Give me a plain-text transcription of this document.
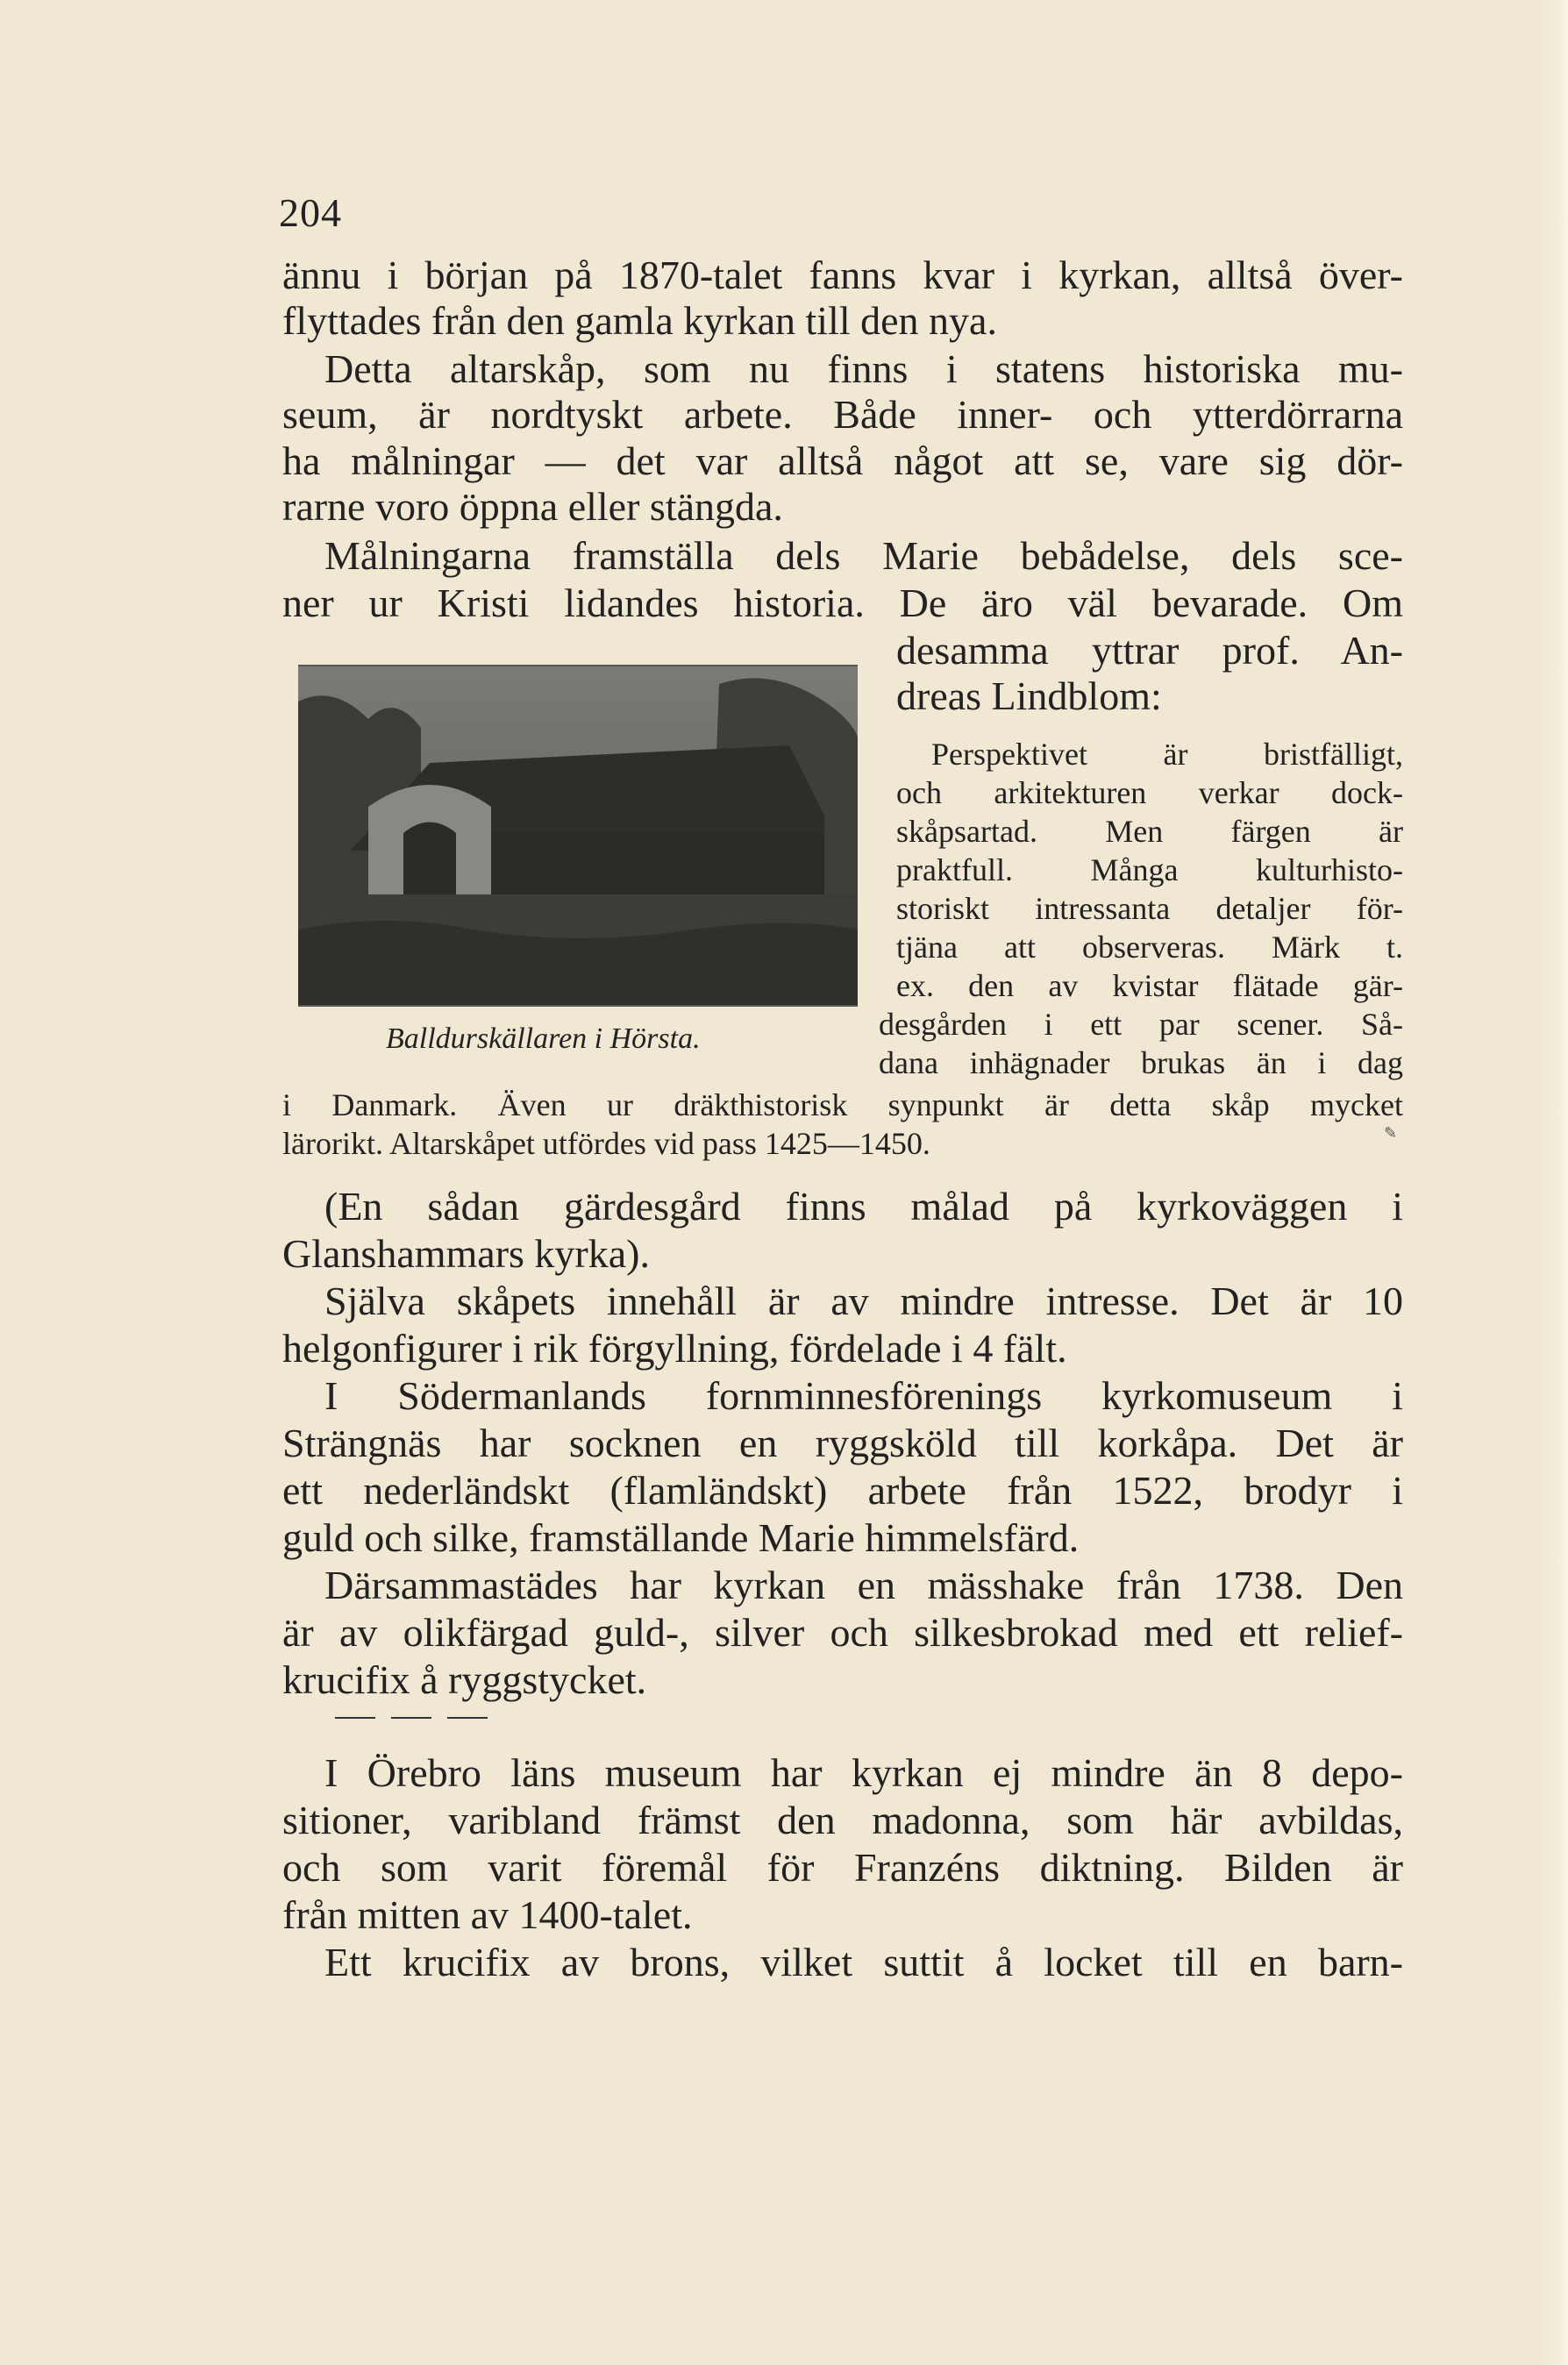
204
ännu i början på 1870-talet fanns kvar i kyrkan, alltså över-
flyttades från den gamla kyrkan till den nya.
Detta altarskåp, som nu finns i statens historiska mu-
seum, är nordtyskt arbete. Både inner- och ytterdörrarna
ha målningar — det var alltså något att se, vare sig dör-
rarne voro öppna eller stängda.
Målningarna framställa dels Marie bebådelse, dels sce-
ner ur Kristi lidandes historia. De äro väl bevarade. Om
desamma yttrar prof. An-
dreas Lindblom:
Perspektivet är bristfälligt,
och arkitekturen verkar dock-
skåpsartad. Men färgen är
praktfull. Många kulturhisto-
storiskt intressanta detaljer för-
tjäna att observeras. Märk t.
ex. den av kvistar flätade gär-
desgården i ett par scener. Så-
dana inhägnader brukas än i dag
i Danmark. Även ur dräkthistorisk synpunkt är detta skåp mycket
lärorikt. Altarskåpet utfördes vid pass 1425—1450.	✎
(En sådan gärdesgård finns målad på kyrkoväggen i
Glanshammars kyrka).
Själva skåpets innehåll är av mindre intresse. Det är 10
helgonfigurer i rik förgyllning, fördelade i 4 fält.
I Södermanlands fornminnesförenings kyrkomuseum i
Strängnäs har socknen en ryggsköld till korkåpa. Det är
ett nederländskt (flamländskt) arbete från 1522, brodyr i
guld och silke, framställande Marie himmelsfärd.
Därsammastädes har kyrkan en mässhake från 1738. Den
är av olikfärgad guld-, silver och silkesbrokad med ett relief-
krucifix å ryggstycket.
I Örebro läns museum har kyrkan ej mindre än 8 depo-
sitioner, varibland främst den madonna, som här avbildas,
och som varit föremål för Franzéns diktning. Bilden är
från mitten av 1400-talet.
Ett krucifix av brons, vilket suttit å locket till en barn-
Balldurskällaren i Hörsta.
